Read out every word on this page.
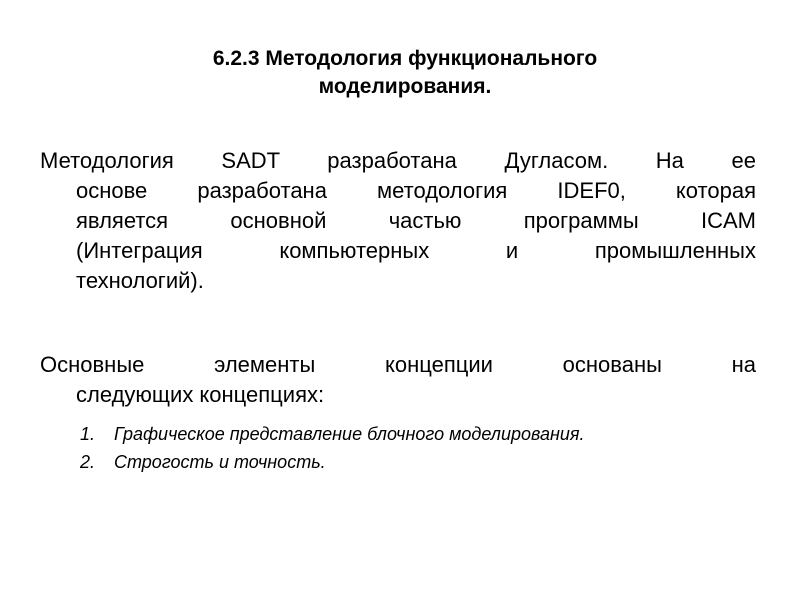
6.2.3 Методология функционального
моделирования.
Методология SADT разработана Дугласом. На ее
основе разработана методология IDEF0, которая
является основной частью программы ICAM
(Интеграция компьютерных и промышленных
технологий).
Основные элементы концепции основаны на
следующих концепциях:
1.	Графическое представление блочного моделирования.
2.	Строгость и точность.
